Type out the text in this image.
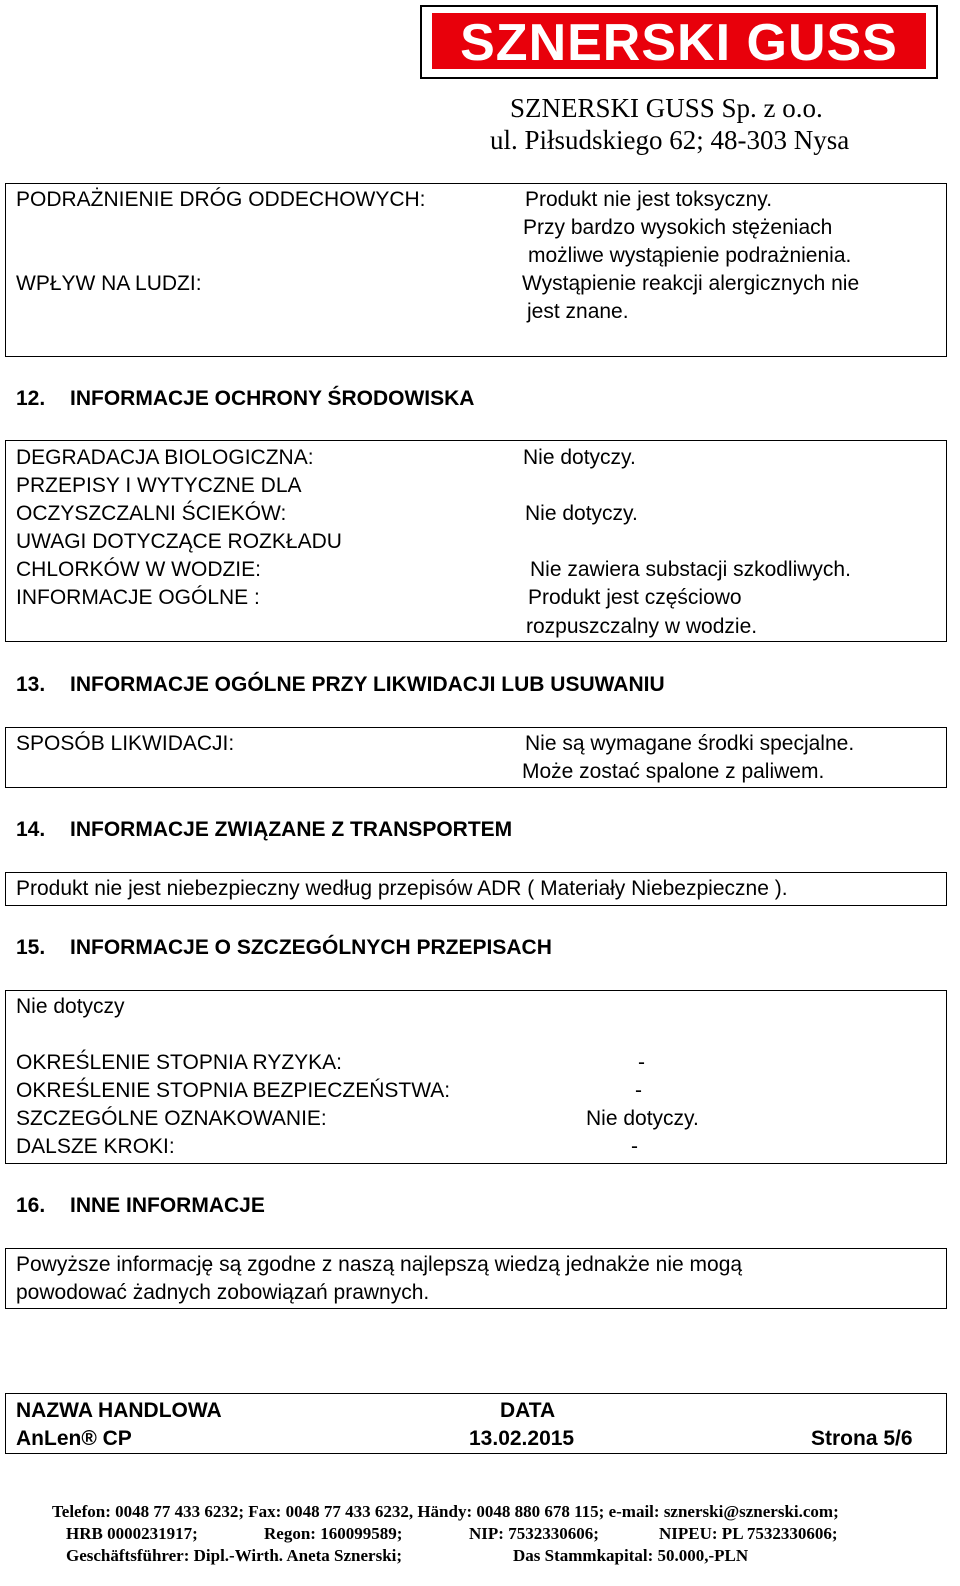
SZNERSKI GUSS
SZNERSKI GUSS Sp. z o.o.
ul. Piłsudskiego 62; 48-303 Nysa
PODRAŻNIENIE DRÓG ODDECHOWYCH:	Produkt nie jest toksyczny.
Przy bardzo wysokich stężeniach
możliwe wystąpienie podrażnienia.
WPŁYW NA LUDZI:	Wystąpienie reakcji alergicznych nie
jest znane.
12. INFORMACJE OCHRONY ŚRODOWISKA
DEGRADACJA BIOLOGICZNA:	Nie dotyczy.
PRZEPISY I WYTYCZNE DLA
OCZYSZCZALNI ŚCIEKÓW:	Nie dotyczy.
UWAGI DOTYCZĄCE ROZKŁADU
CHLORKÓW W WODZIE:	Nie zawiera substacji szkodliwych.
INFORMACJE OGÓLNE :	Produkt jest częściowo
rozpuszczalny w wodzie.
13. INFORMACJE OGÓLNE PRZY LIKWIDACJI LUB USUWANIU
SPOSÓB LIKWIDACJI:	Nie są wymagane środki specjalne.
Może zostać spalone z paliwem.
14. INFORMACJE ZWIĄZANE Z TRANSPORTEM
Produkt nie jest niebezpieczny według przepisów ADR ( Materiały Niebezpieczne ).
15. INFORMACJE O SZCZEGÓLNYCH PRZEPISACH
Nie dotyczy
OKREŚLENIE STOPNIA RYZYKA:	-
OKREŚLENIE STOPNIA BEZPIECZEŃSTWA:	-
SZCZEGÓLNE OZNAKOWANIE:	Nie dotyczy.
DALSZE KROKI:	-
16. INNE INFORMACJE
Powyższe informację są zgodne z naszą najlepszą wiedzą jednakże nie mogą
powodować żadnych zobowiązań prawnych.
NAZWA HANDLOWA	DATA
AnLen® CP	13.02.2015	Strona 5/6
Telefon: 0048 77 433 6232; Fax: 0048 77 433 6232, Händy: 0048 880 678 115; e-mail: sznerski@sznerski.com;
HRB 0000231917;	Regon: 160099589;	NIP: 7532330606;	NIPEU: PL 7532330606;
Geschäftsführer: Dipl.-Wirth. Aneta Sznerski;	Das Stammkapital: 50.000,-PLN
